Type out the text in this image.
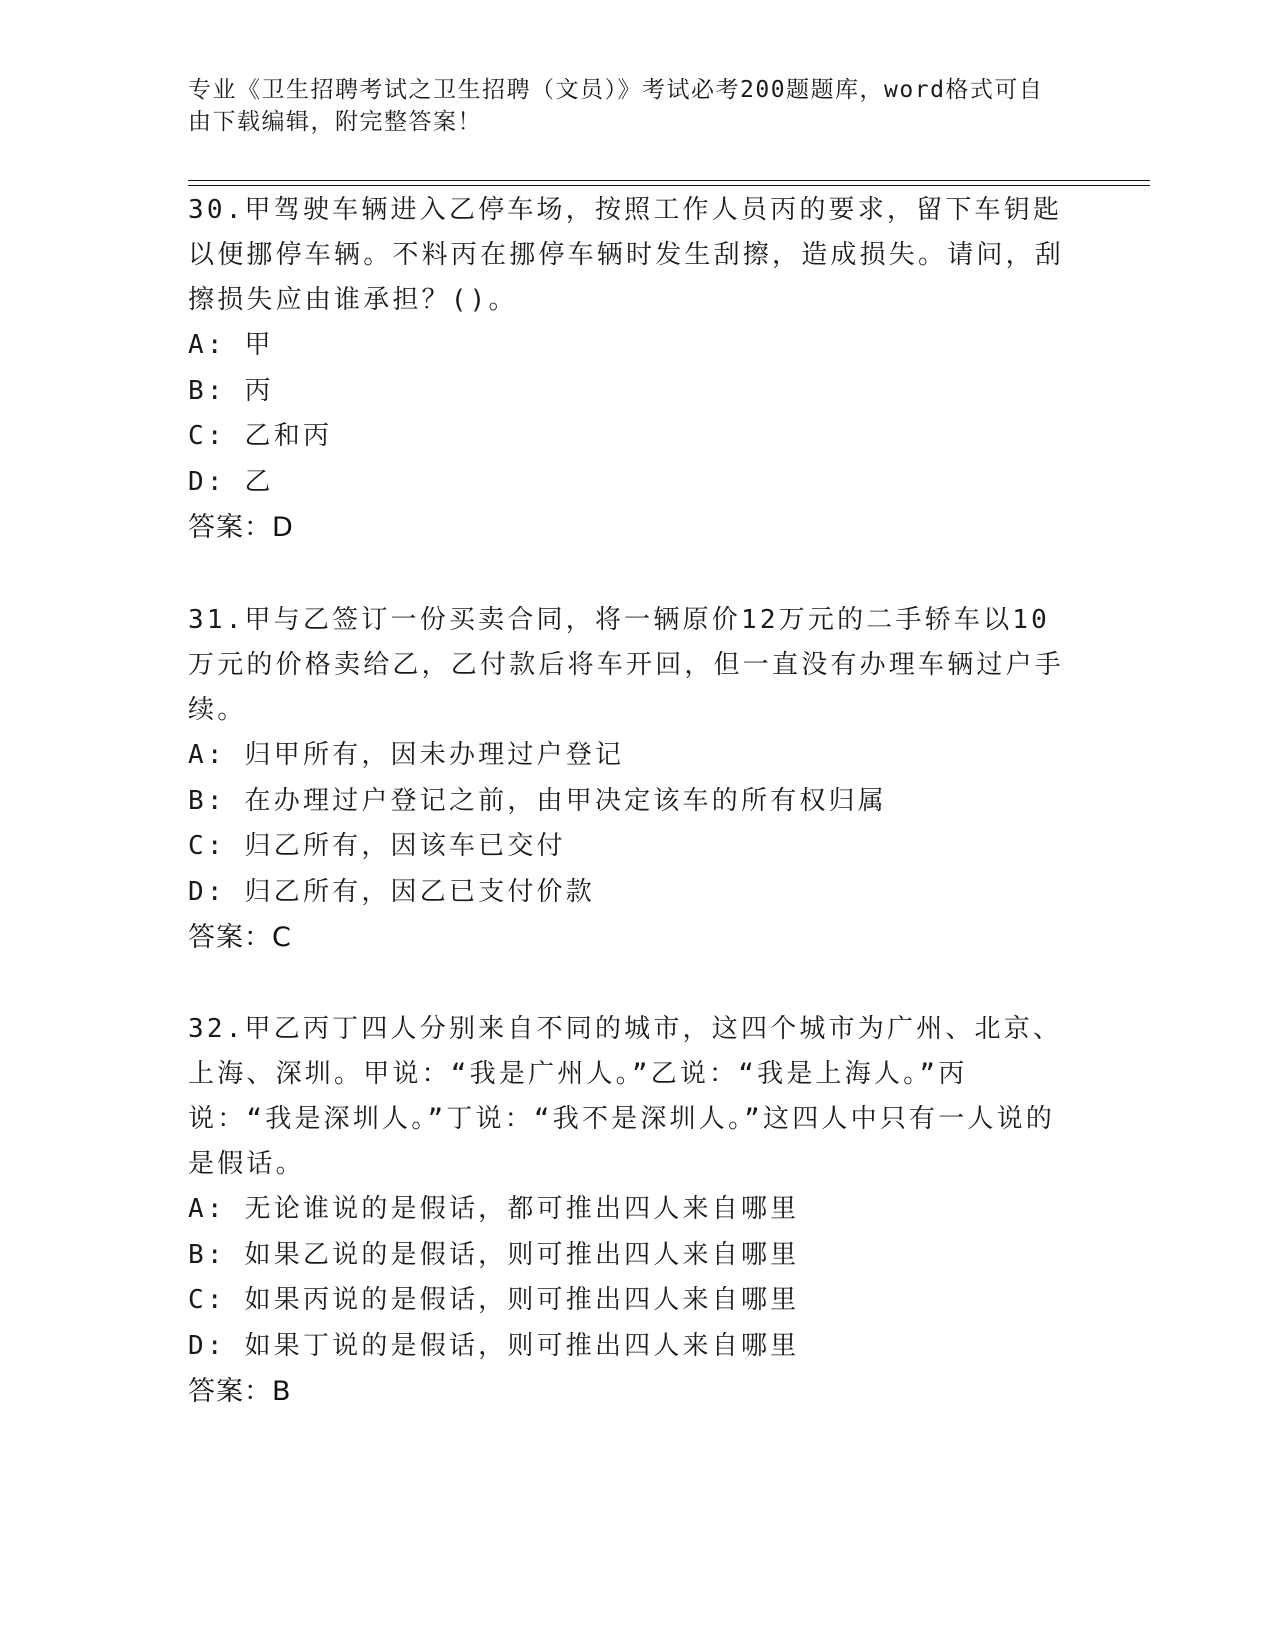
专业《卫生招聘考试之卫生招聘（文员）》考试必考200题题库，word格式可自由下载编辑，附完整答案！

30.甲驾驶车辆进入乙停车场，按照工作人员丙的要求，留下车钥匙以便挪停车辆。不料丙在挪停车辆时发生刮擦，造成损失。请问，刮擦损失应由谁承担？()。

A: 甲
B: 丙
C: 乙和丙
D: 乙
答案：D

31.甲与乙签订一份买卖合同，将一辆原价12万元的二手轿车以10万元的价格卖给乙，乙付款后将车开回，但一直没有办理车辆过户手续。

A: 归甲所有，因未办理过户登记
B: 在办理过户登记之前，由甲决定该车的所有权归属
C: 归乙所有，因该车已交付
D: 归乙所有，因乙已支付价款
答案：C

32.甲乙丙丁四人分别来自不同的城市，这四个城市为广州、北京、上海、深圳。甲说：“我是广州人。”乙说：“我是上海人。”丙说：“我是深圳人。”丁说：“我不是深圳人。”这四人中只有一人说的是假话。

A: 无论谁说的是假话，都可推出四人来自哪里
B: 如果乙说的是假话，则可推出四人来自哪里
C: 如果丙说的是假话，则可推出四人来自哪里
D: 如果丁说的是假话，则可推出四人来自哪里
答案：B
